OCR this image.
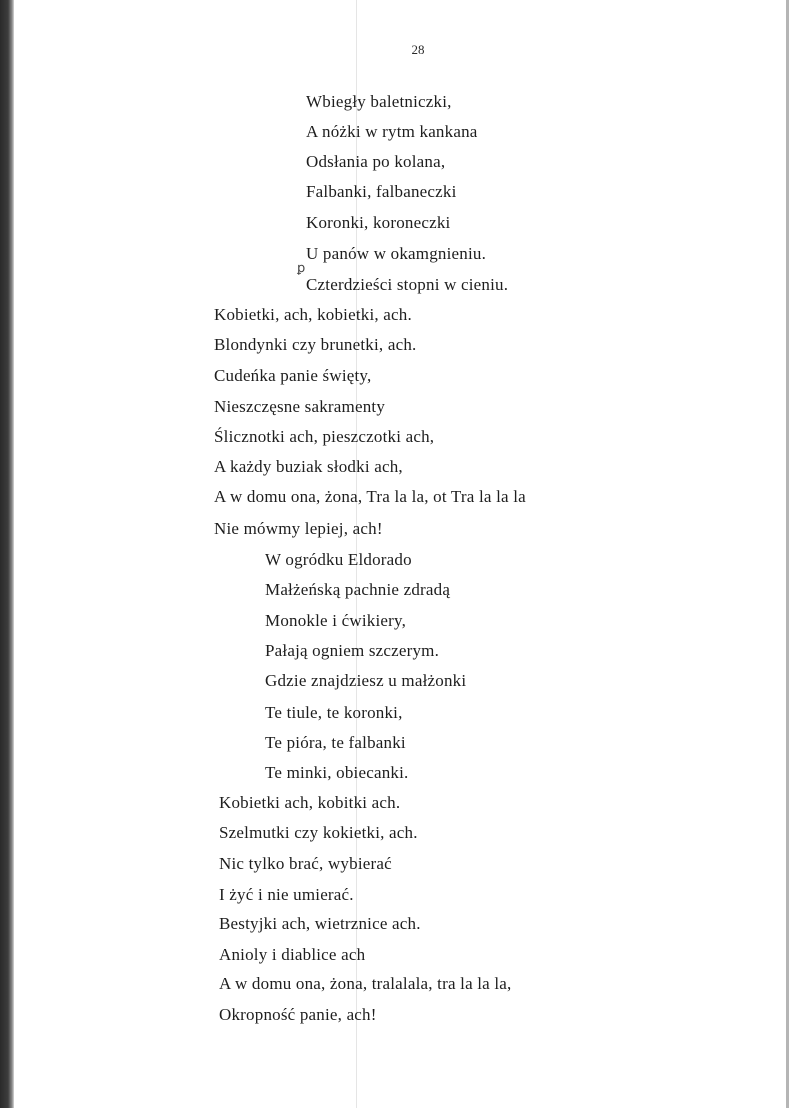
28
ꝑ
Wbiegły baletniczki,
A nóżki w rytm kankana
Odsłania po kolana,
Falbanki, falbaneczki
Koronki, koroneczki
U panów w okamgnieniu.
Czterdzieści stopni w cieniu.
Kobietki, ach, kobietki, ach.
Blondynki czy brunetki, ach.
Cudeńka panie święty,
Nieszczęsne sakramenty
Ślicznotki ach, pieszczotki ach,
A każdy buziak słodki ach,
A w domu ona, żona, Tra la la, ot Tra la la la
Nie mówmy lepiej, ach!
W ogródku Eldorado
Małżeńską pachnie zdradą
Monokle i ćwikiery,
Pałają ogniem szczerym.
Gdzie znajdziesz u małżonki
Te tiule, te koronki,
Te pióra, te falbanki
Te minki, obiecanki.
Kobietki ach, kobitki ach.
Szelmutki czy kokietki, ach.
Nic tylko brać, wybierać
I żyć i nie umierać.
Bestyjki ach, wietrznice ach.
Anioly i diablice ach
A w domu ona, żona, tralalala, tra la la la,
Okropność panie, ach!
